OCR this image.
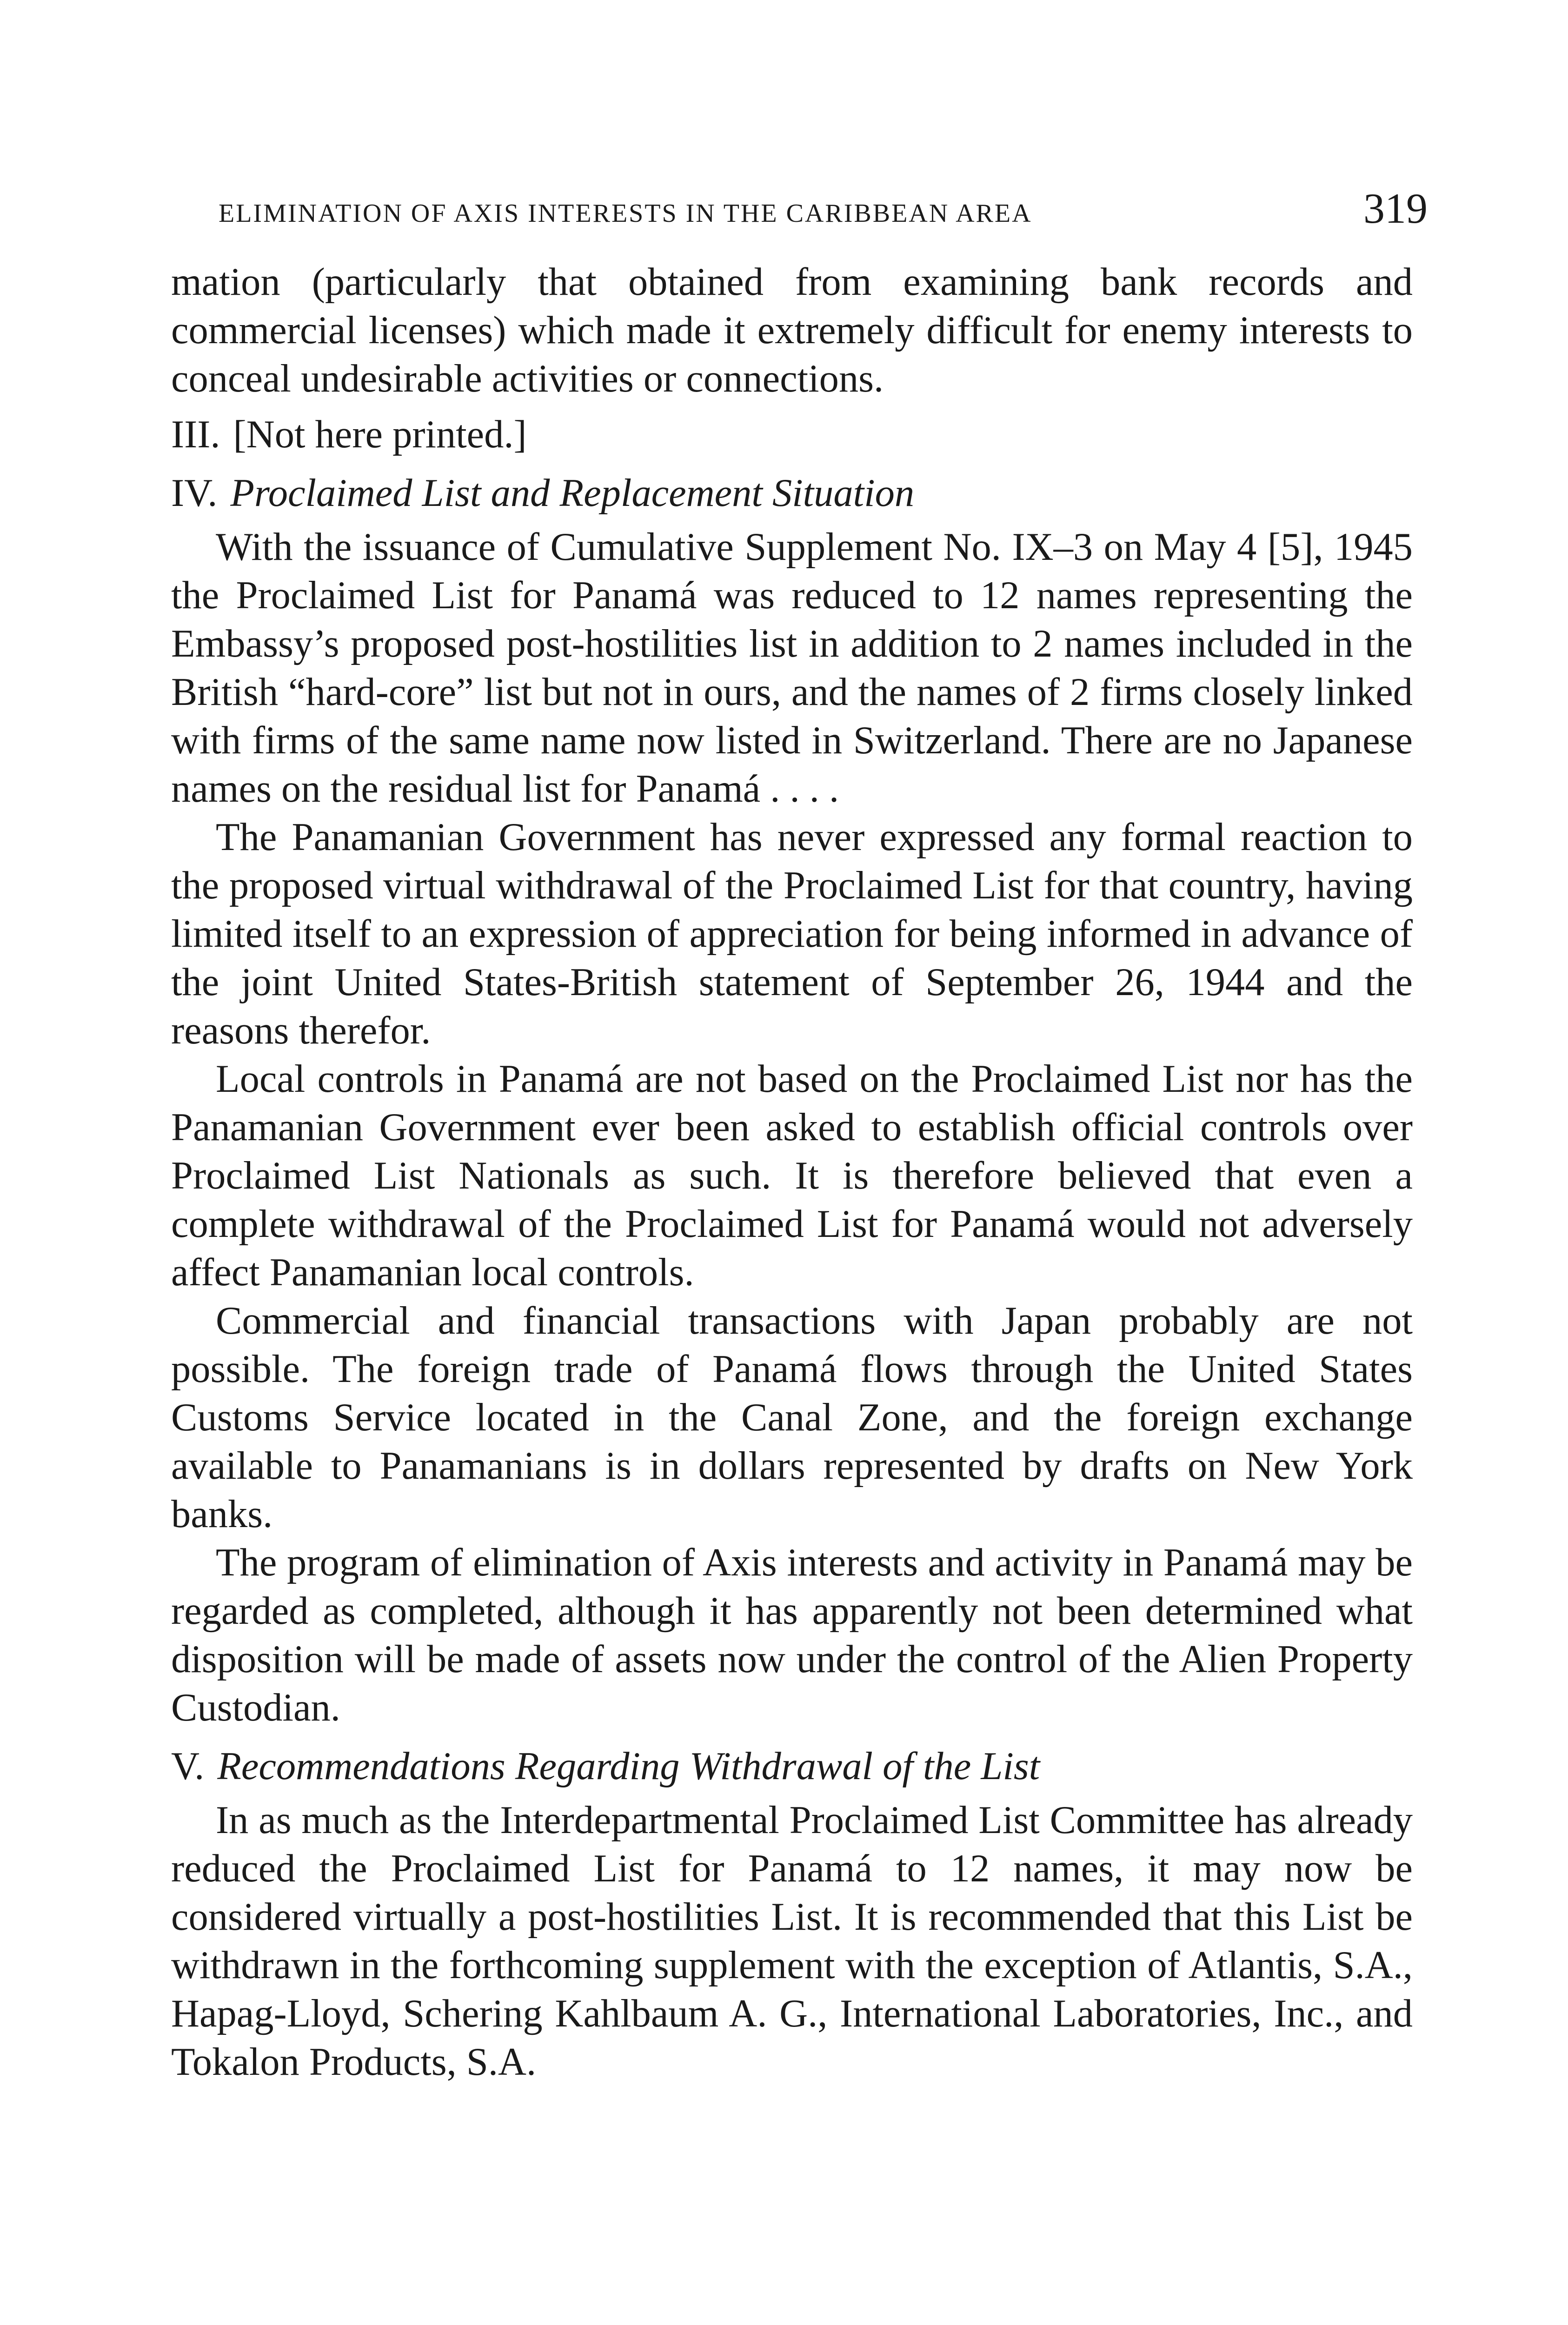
ELIMINATION OF AXIS INTERESTS IN THE CARIBBEAN AREA	319

mation (particularly that obtained from examining bank records and commercial licenses) which made it extremely difficult for enemy interests to conceal undesirable activities or connections.

III. [Not here printed.]
IV. Proclaimed List and Replacement Situation

With the issuance of Cumulative Supplement No. IX–3 on May 4 [5], 1945 the Proclaimed List for Panamá was reduced to 12 names representing the Embassy’s proposed post-hostilities list in addition to 2 names included in the British “hard-core” list but not in ours, and the names of 2 firms closely linked with firms of the same name now listed in Switzerland. There are no Japanese names on the residual list for Panamá . . . .

The Panamanian Government has never expressed any formal reaction to the proposed virtual withdrawal of the Proclaimed List for that country, having limited itself to an expression of appreciation for being informed in advance of the joint United States-British statement of September 26, 1944 and the reasons therefor.

Local controls in Panamá are not based on the Proclaimed List nor has the Panamanian Government ever been asked to establish official controls over Proclaimed List Nationals as such. It is therefore believed that even a complete withdrawal of the Proclaimed List for Panamá would not adversely affect Panamanian local controls.

Commercial and financial transactions with Japan probably are not possible. The foreign trade of Panamá flows through the United States Customs Service located in the Canal Zone, and the foreign exchange available to Panamanians is in dollars represented by drafts on New York banks.

The program of elimination of Axis interests and activity in Panamá may be regarded as completed, although it has apparently not been determined what disposition will be made of assets now under the control of the Alien Property Custodian.

V. Recommendations Regarding Withdrawal of the List

In as much as the Interdepartmental Proclaimed List Committee has already reduced the Proclaimed List for Panamá to 12 names, it may now be considered virtually a post-hostilities List. It is recommended that this List be withdrawn in the forthcoming supplement with the exception of Atlantis, S.A., Hapag-Lloyd, Schering Kahlbaum A. G., International Laboratories, Inc., and Tokalon Products, S.A.
